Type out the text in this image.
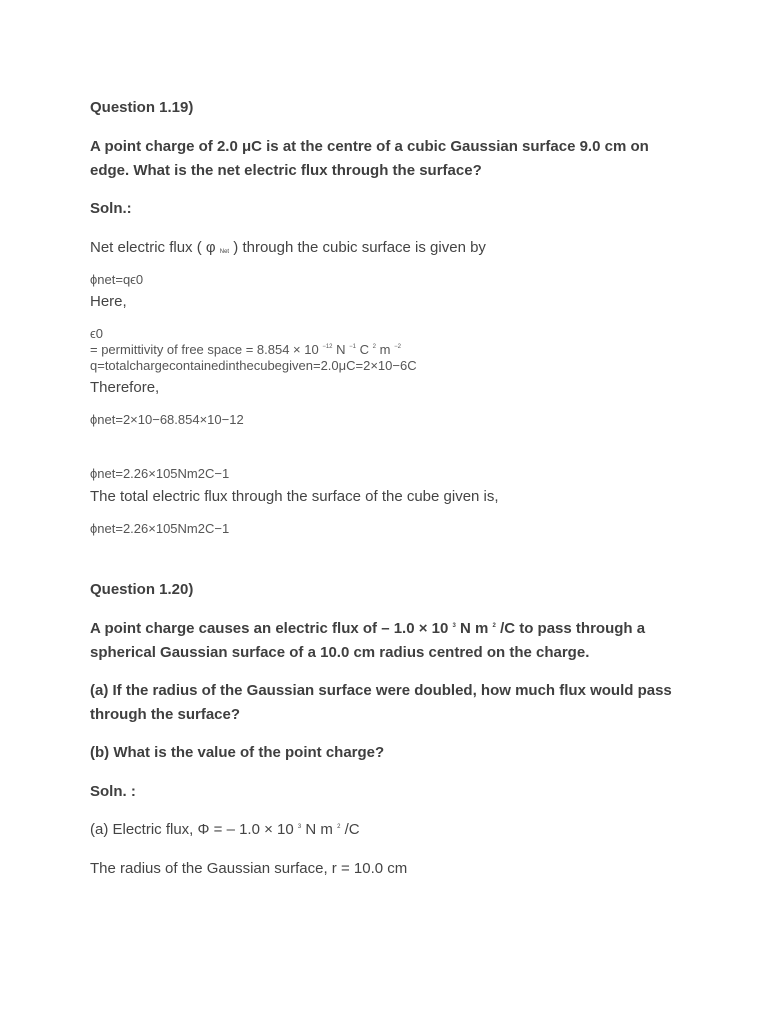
Question 1.19)
A point charge of 2.0 μC is at the centre of a cubic Gaussian surface 9.0 cm on
edge. What is the net electric flux through the surface?
Soln.:
Net electric flux ( φ $_{Net}$ ) through the cubic surface is given by
ϕnet=qϵ0
Here,
ϵ0
= permittivity of free space = 8.854 × 10 $^{-12}$ N $^{-1}$ C $^2$ m $^{-2}$
q=totalchargecontainedinthecubegiven=2.0μC=2×10−6C
Therefore,
ϕnet=2×10−68.854×10−12
ϕnet=2.26×105Nm2C−1
The total electric flux through the surface of the cube given is,
ϕnet=2.26×105Nm2C−1
Question 1.20)
A point charge causes an electric flux of – 1.0 × 10 $^3$ N m $^2$ /C to pass through a
spherical Gaussian surface of a 10.0 cm radius centred on the charge.
(a) If the radius of the Gaussian surface were doubled, how much flux would pass
through the surface?
(b) What is the value of the point charge?
Soln. :
(a) Electric flux, Φ = – 1.0 × 10 $^3$ N m $^2$ /C
The radius of the Gaussian surface, r = 10.0 cm
